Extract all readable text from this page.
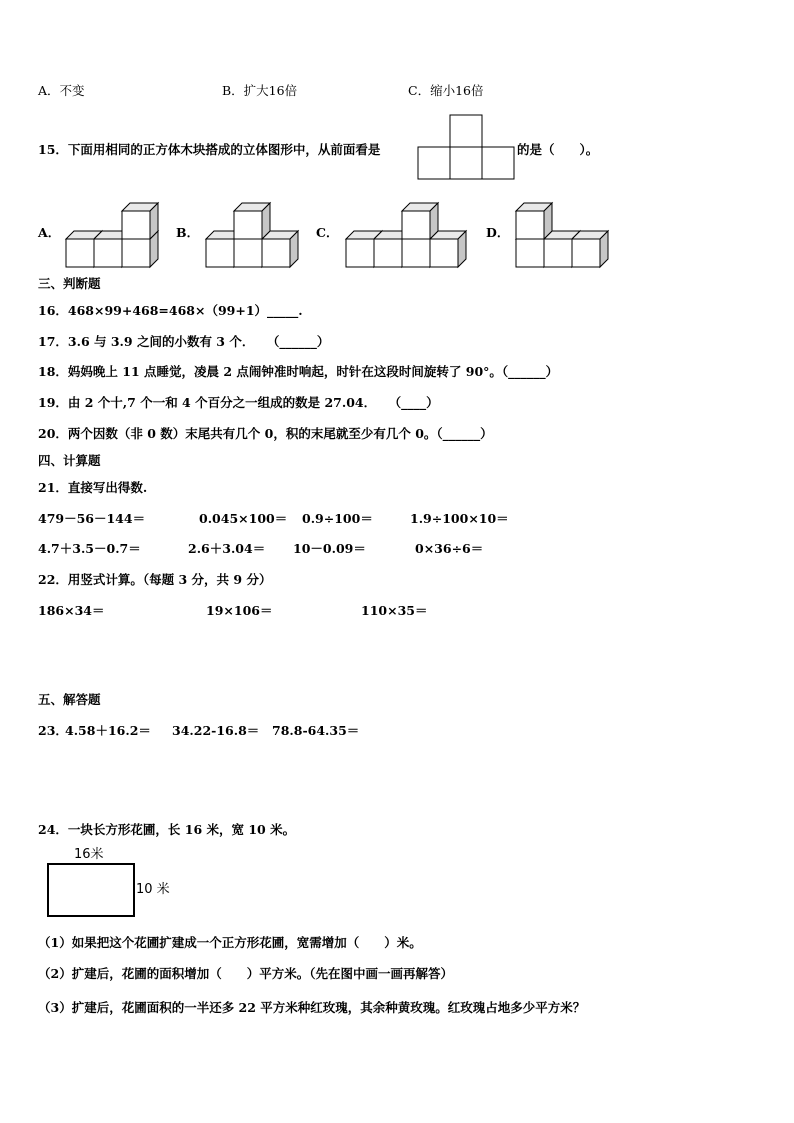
A．不变	B．扩大16倍	C．缩小16倍
15．下面用相同的正方体木块搭成的立体图形中，从前面看是	的是（　　）。
A．	B．	C．	D．
三、判断题
16．468×99+468=468×（99+1）_____.
17．3.6 与 3.9 之间的小数有 3 个．　　（______）
18．妈妈晚上 11 点睡觉，凌晨 2 点闹钟准时响起，时针在这段时间旋转了 90°。（______）
19．由 2 个十,7 个一和 4 个百分之一组成的数是 27.04．　　（____）
20．两个因数（非 0 数）末尾共有几个 0，积的末尾就至少有几个 0。（______）
四、计算题
21．直接写出得数.
479－56－144＝	0.045×100＝ 0.9÷100＝	1.9÷100×10＝
4.7＋3.5－0.7＝	2.6＋3.04＝ 10－0.09＝	0×36÷6＝
22．用竖式计算。（每题 3 分，共 9 分）
186×34＝	19×106＝	110×35＝
五、解答题
23．
4.58＋16.2＝ 34.22-16.8＝ 78.8-64.35＝
24．一块长方形花圃，长 16 米，宽 10 米。
16米
10 米
（1）如果把这个花圃扩建成一个正方形花圃，宽需增加（　　）米。
（2）扩建后，花圃的面积增加（　　）平方米。（先在图中画一画再解答）
（3）扩建后，花圃面积的一半还多 22 平方米种红玫瑰，其余种黄玫瑰。红玫瑰占地多少平方米？
